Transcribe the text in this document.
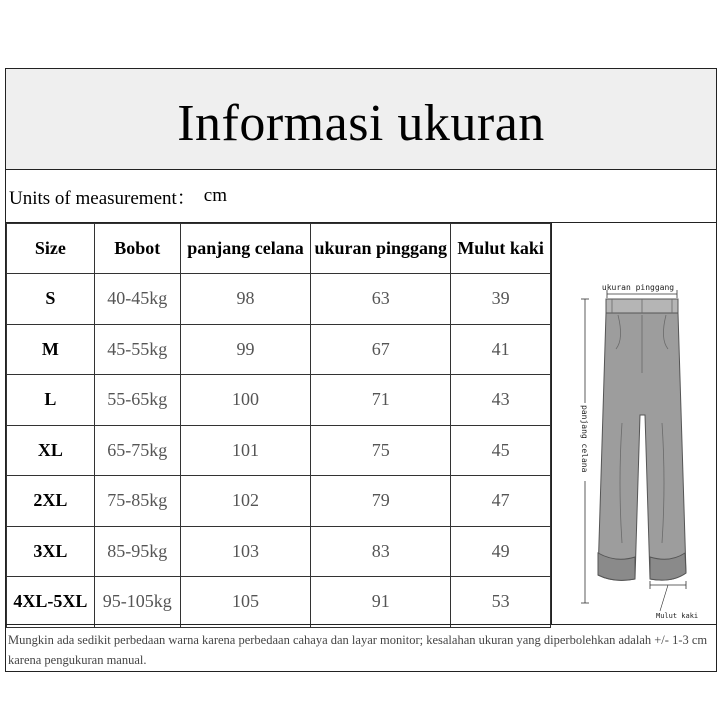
Informasi ukuran
Units of measurement： cm
Size	Bobot	panjang celana	ukuran pinggang	Mulut kaki
S	40-45kg	98	63	39
M	45-55kg	99	67	41
L	55-65kg	100	71	43
XL	65-75kg	101	75	45
2XL	75-85kg	102	79	47
3XL	85-95kg	103	83	49
4XL-5XL	95-105kg	105	91	53
ukuran pinggang
panjang celana
Mulut kaki
Mungkin ada sedikit perbedaan warna karena perbedaan cahaya dan layar monitor; kesalahan ukuran yang diperbolehkan adalah +/- 1-3 cm karena pengukuran manual.
